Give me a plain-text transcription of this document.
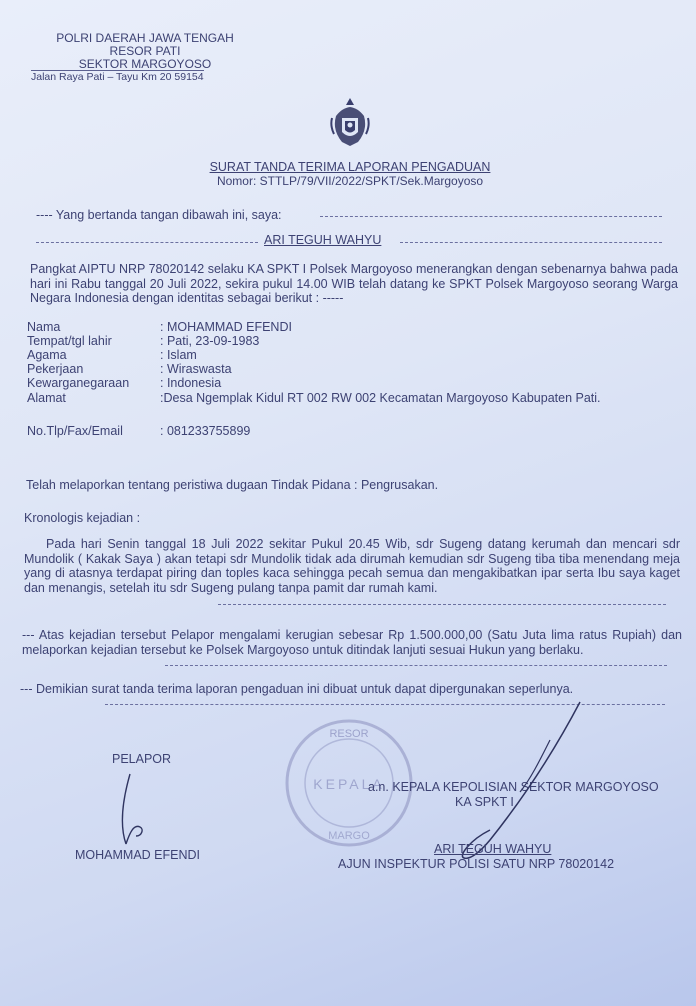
POLRI DAERAH JAWA TENGAH
RESOR PATI
SEKTOR MARGOYOSO
Jalan Raya Pati – Tayu Km 20 59154
SURAT TANDA TERIMA LAPORAN PENGADUAN
Nomor: STTLP/79/VII/2022/SPKT/Sek.Margoyoso
---- Yang bertanda tangan dibawah ini, saya:
ARI TEGUH WAHYU
Pangkat AIPTU NRP 78020142 selaku KA SPKT I Polsek Margoyoso menerangkan dengan sebenarnya bahwa pada hari ini Rabu tanggal 20 Juli 2022, sekira pukul 14.00 WIB telah datang ke SPKT Polsek Margoyoso seorang Warga Negara Indonesia dengan identitas sebagai berikut : -----
Nama	: MOHAMMAD EFENDI
Tempat/tgl lahir	: Pati, 23-09-1983
Agama	: Islam
Pekerjaan	: Wiraswasta
Kewarganegaraan : Indonesia
Alamat	:Desa Ngemplak Kidul RT 002 RW 002 Kecamatan Margoyoso Kabupaten Pati.
No.Tlp/Fax/Email	: 081233755899
Telah melaporkan tentang peristiwa dugaan Tindak Pidana : Pengrusakan.
Kronologis kejadian :
Pada hari Senin tanggal 18 Juli 2022 sekitar Pukul 20.45 Wib, sdr Sugeng datang kerumah dan mencari sdr Mundolik ( Kakak Saya ) akan tetapi sdr Mundolik tidak ada dirumah kemudian sdr Sugeng tiba tiba menendang meja yang di atasnya terdapat piring dan toples kaca sehingga pecah semua dan mengakibatkan ipar serta Ibu saya kaget dan menangis, setelah itu sdr Sugeng pulang tanpa pamit dar rumah kami.
--- Atas kejadian tersebut Pelapor mengalami kerugian sebesar Rp 1.500.000,00 (Satu Juta lima ratus Rupiah) dan melaporkan kejadian tersebut ke Polsek Margoyoso untuk ditindak lanjuti sesuai Hukun yang berlaku.
--- Demikian surat tanda terima laporan pengaduan ini dibuat untuk dapat dipergunakan seperlunya.
RESOR
KEPALA
MARGO
PELAPOR
MOHAMMAD EFENDI
a.n. KEPALA KEPOLISIAN SEKTOR MARGOYOSO
KA SPKT I
ARI TEGUH WAHYU
AJUN INSPEKTUR POLISI SATU NRP 78020142
